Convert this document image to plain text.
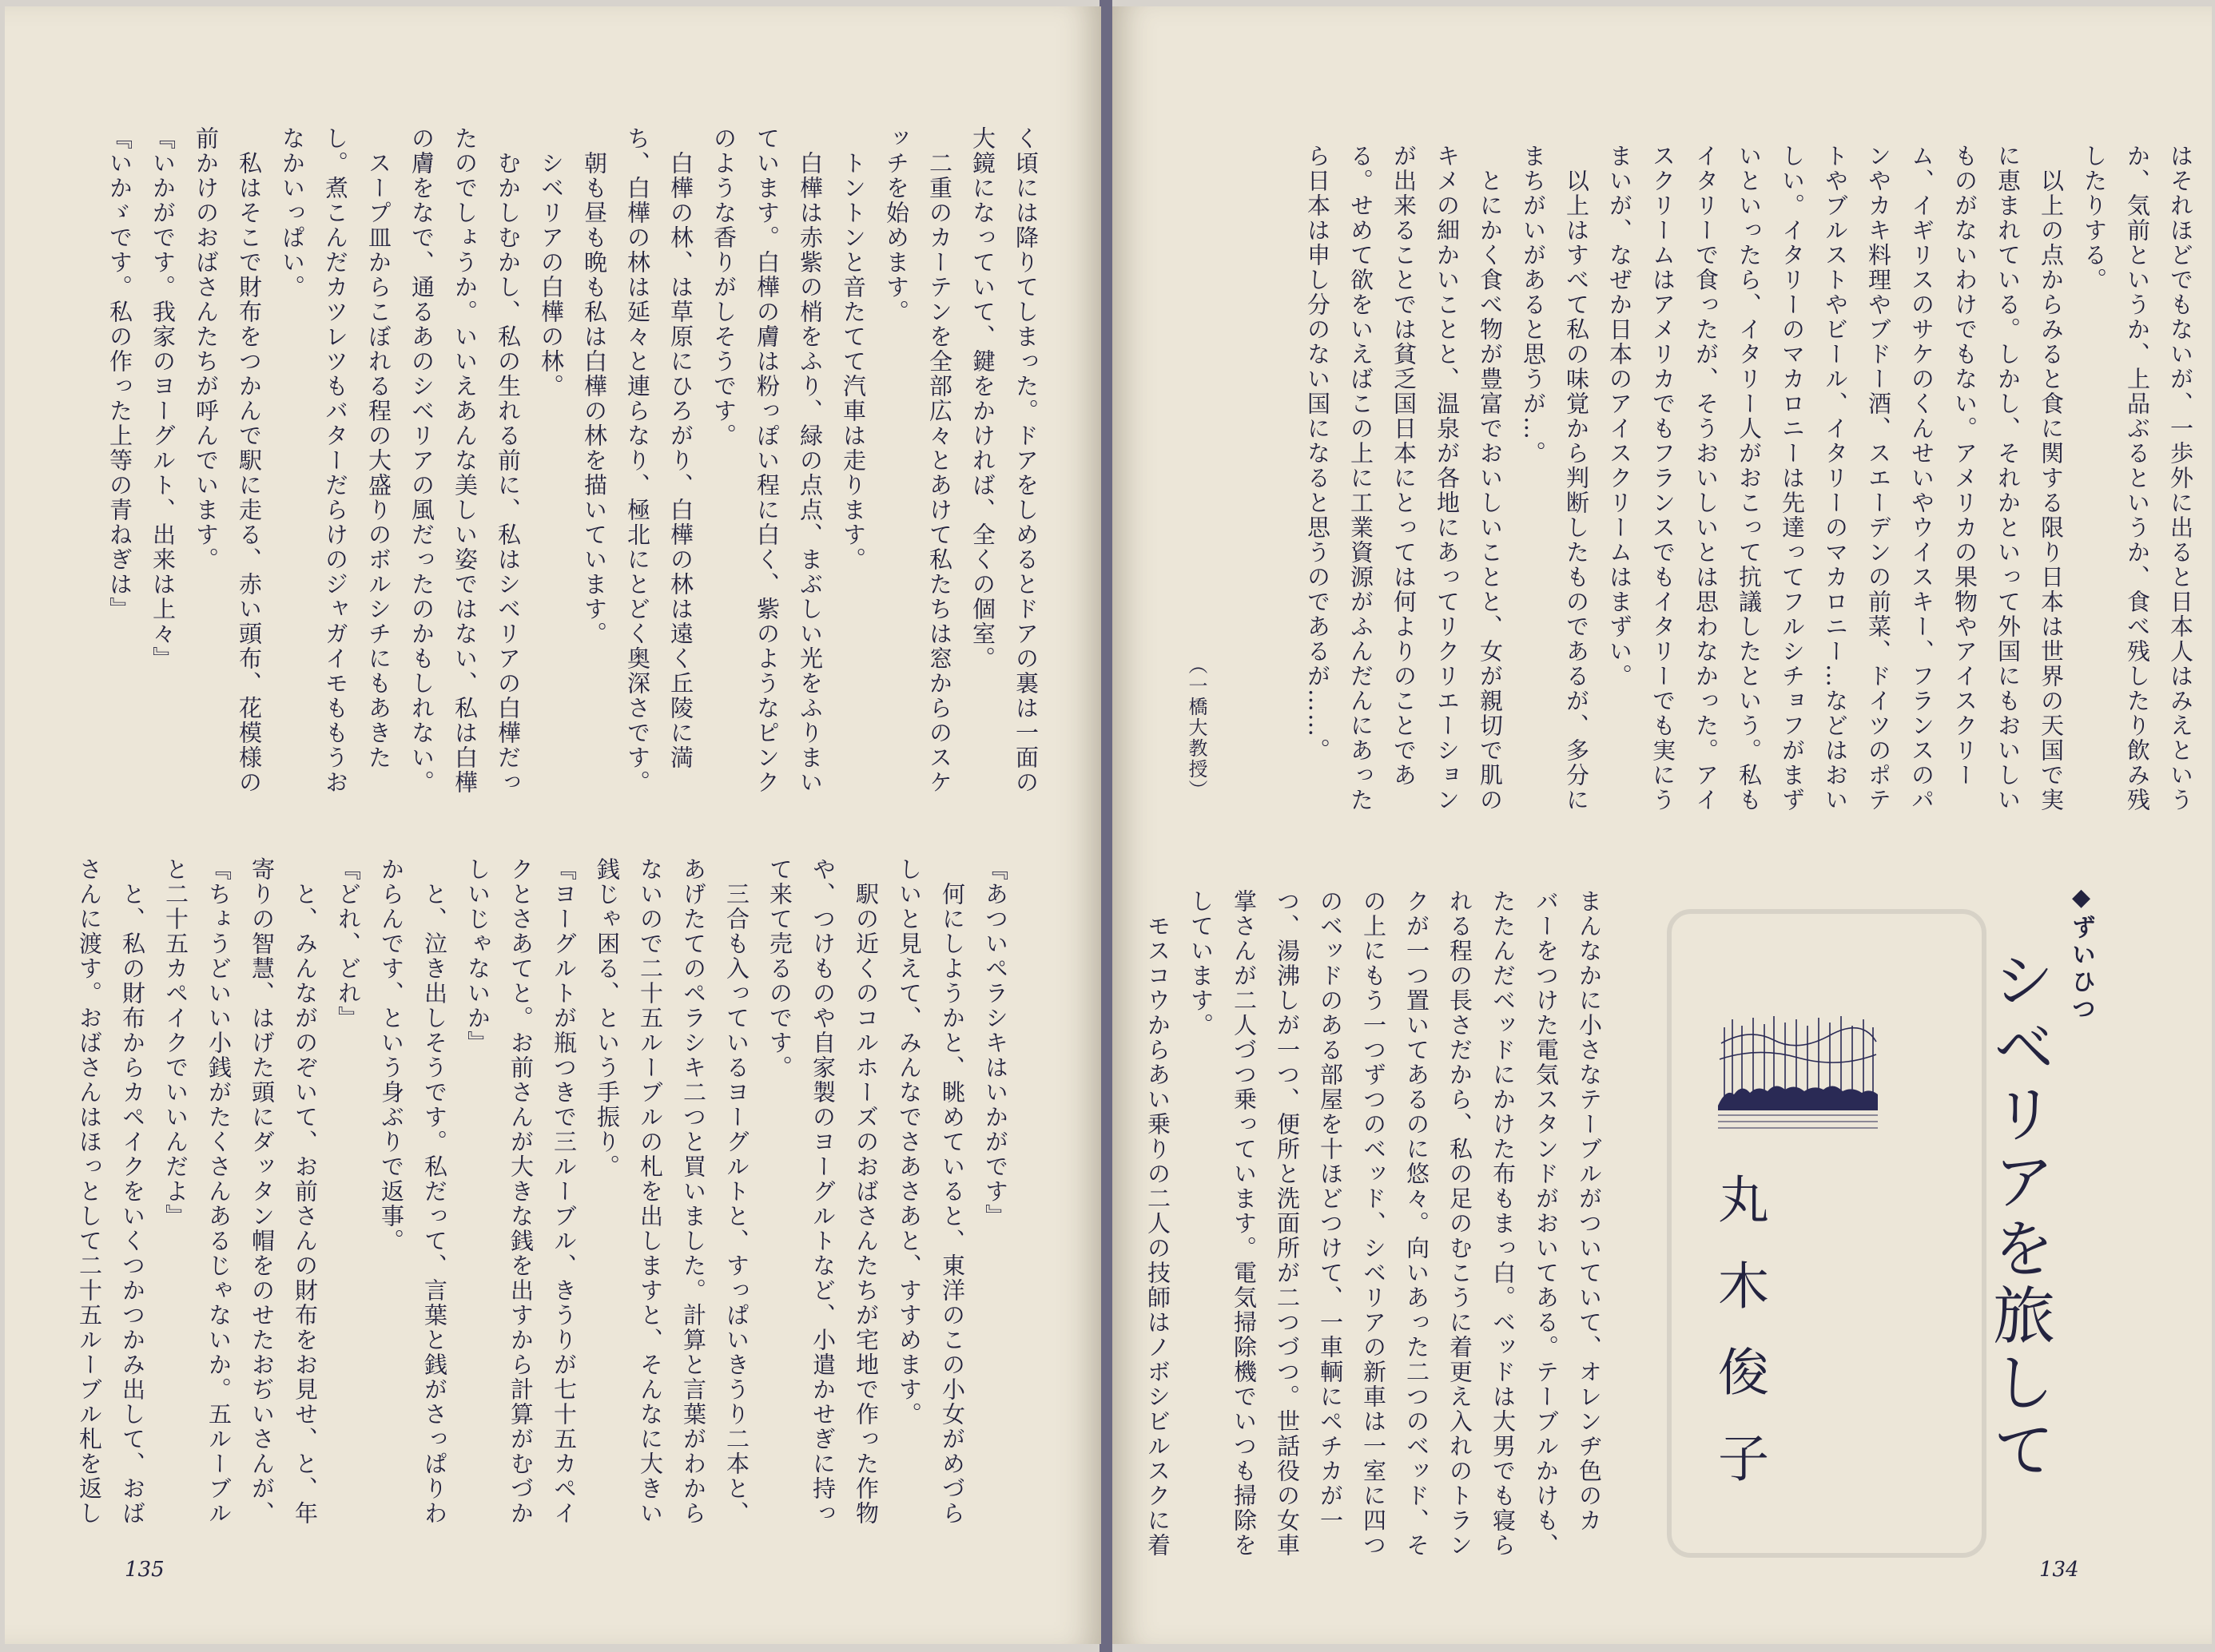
く頃には降りてしまった。ドアをしめるとドアの裏は一面の

大鏡になっていて、鍵をかければ、全くの個室。

　二重のカーテンを全部広々とあけて私たちは窓からのスケ

ッチを始めます。

　トントンと音たてて汽車は走ります。

　白樺は赤紫の梢をふり、緑の点点、まぶしい光をふりまい

ています。白樺の膚は粉っぽい程に白く、紫のようなピンク

のような香りがしそうです。

　白樺の林、は草原にひろがり、白樺の林は遠く丘陵に満

ち、白樺の林は延々と連らなり、極北にとどく奥深さです。

　朝も昼も晩も私は白樺の林を描いています。

　シベリアの白樺の林。

　むかしむかし、私の生れる前に、私はシベリアの白樺だっ

たのでしょうか。いいえあんな美しい姿ではない、私は白樺

の膚をなで、通るあのシベリアの風だったのかもしれない。

　スープ皿からこぼれる程の大盛りのボルシチにもあきた

し。煮こんだカツレツもバターだらけのジャガイモももうお

なかいっぱい。

　私はそこで財布をつかんで駅に走る、赤い頭布、花模様の

前かけのおばさんたちが呼んでいます。

『いかがです。我家のヨーグルト、出来は上々』

『いかゞです。私の作った上等の青ねぎは』

『あついペラシキはいかがです』

　何にしようかと、眺めていると、東洋のこの小女がめづら

しいと見えて、みんなでさあさあと、すすめます。

　駅の近くのコルホーズのおばさんたちが宅地で作った作物

や、つけものや自家製のヨーグルトなど、小遣かせぎに持っ

て来て売るのです。

　三合も入っているヨーグルトと、すっぱいきうり二本と、

あげたてのペラシキ二つと買いました。計算と言葉がわから

ないので二十五ルーブルの札を出しますと、そんなに大きい

銭じゃ困る、という手振り。

『ヨーグルトが瓶つきで三ルーブル、きうりが七十五カペイ

クとさあてと。お前さんが大きな銭を出すから計算がむづか

しいじゃないか』

　と、泣き出しそうです。私だって、言葉と銭がさっぱりわ

からんです、という身ぶりで返事。

『どれ、どれ』

　と、みんながのぞいて、お前さんの財布をお見せ、と、年

寄りの智慧、はげた頭にダッタン帽をのせたおぢいさんが、

『ちょうどいい小銭がたくさんあるじゃないか。五ルーブル

と二十五カペイクでいいんだよ』

　と、私の財布からカペイクをいくつかつかみ出して、おば

さんに渡す。おばさんはほっとして二十五ルーブル札を返し

135

はそれほどでもないが、一歩外に出ると日本人はみえという

か、気前というか、上品ぶるというか、食べ残したり飲み残

したりする。

　以上の点からみると食に関する限り日本は世界の天国で実

に恵まれている。しかし、それかといって外国にもおいしい

ものがないわけでもない。アメリカの果物やアイスクリー

ム、イギリスのサケのくんせいやウイスキー、フランスのパ

ンやカキ料理やブドー酒、スエーデンの前菜、ドイツのポテ

トやブルストやビール、イタリーのマカロニー…などはおい

しい。イタリーのマカロニーは先達ってフルシチョフがまず

いといったら、イタリー人がおこって抗議したという。私も

イタリーで食ったが、そうおいしいとは思わなかった。アイ

スクリームはアメリカでもフランスでもイタリーでも実にう

まいが、なぜか日本のアイスクリームはまずい。

　以上はすべて私の味覚から判断したものであるが、多分に

まちがいがあると思うが…。

　とにかく食べ物が豊富でおいしいことと、女が親切で肌の

キメの細かいことと、温泉が各地にあってリクリエーション

が出来ることでは貧乏国日本にとっては何よりのことであ

る。せめて欲をいえばこの上に工業資源がふんだんにあった

ら日本は申し分のない国になると思うのであるが……。

（一橋大教授）

まんなかに小さなテーブルがついていて、オレンヂ色のカ

バーをつけた電気スタンドがおいてある。テーブルかけも、

たたんだベッドにかけた布もまっ白。ベッドは大男でも寝ら

れる程の長さだから、私の足のむこうに着更え入れのトラン

クが一つ置いてあるのに悠々。向いあった二つのベッド、そ

の上にもう一つずつのベッド、シベリアの新車は一室に四つ

のベッドのある部屋を十ほどつけて、一車輌にペチカが一

つ、湯沸しが一つ、便所と洗面所が二つづつ。世話役の女車

掌さんが二人づつ乗っています。電気掃除機でいつも掃除を

しています。

　モスコウからあい乗りの二人の技師はノボシビルスクに着	◆ずいひつ
シベリアを旅して
丸木俊子
134
